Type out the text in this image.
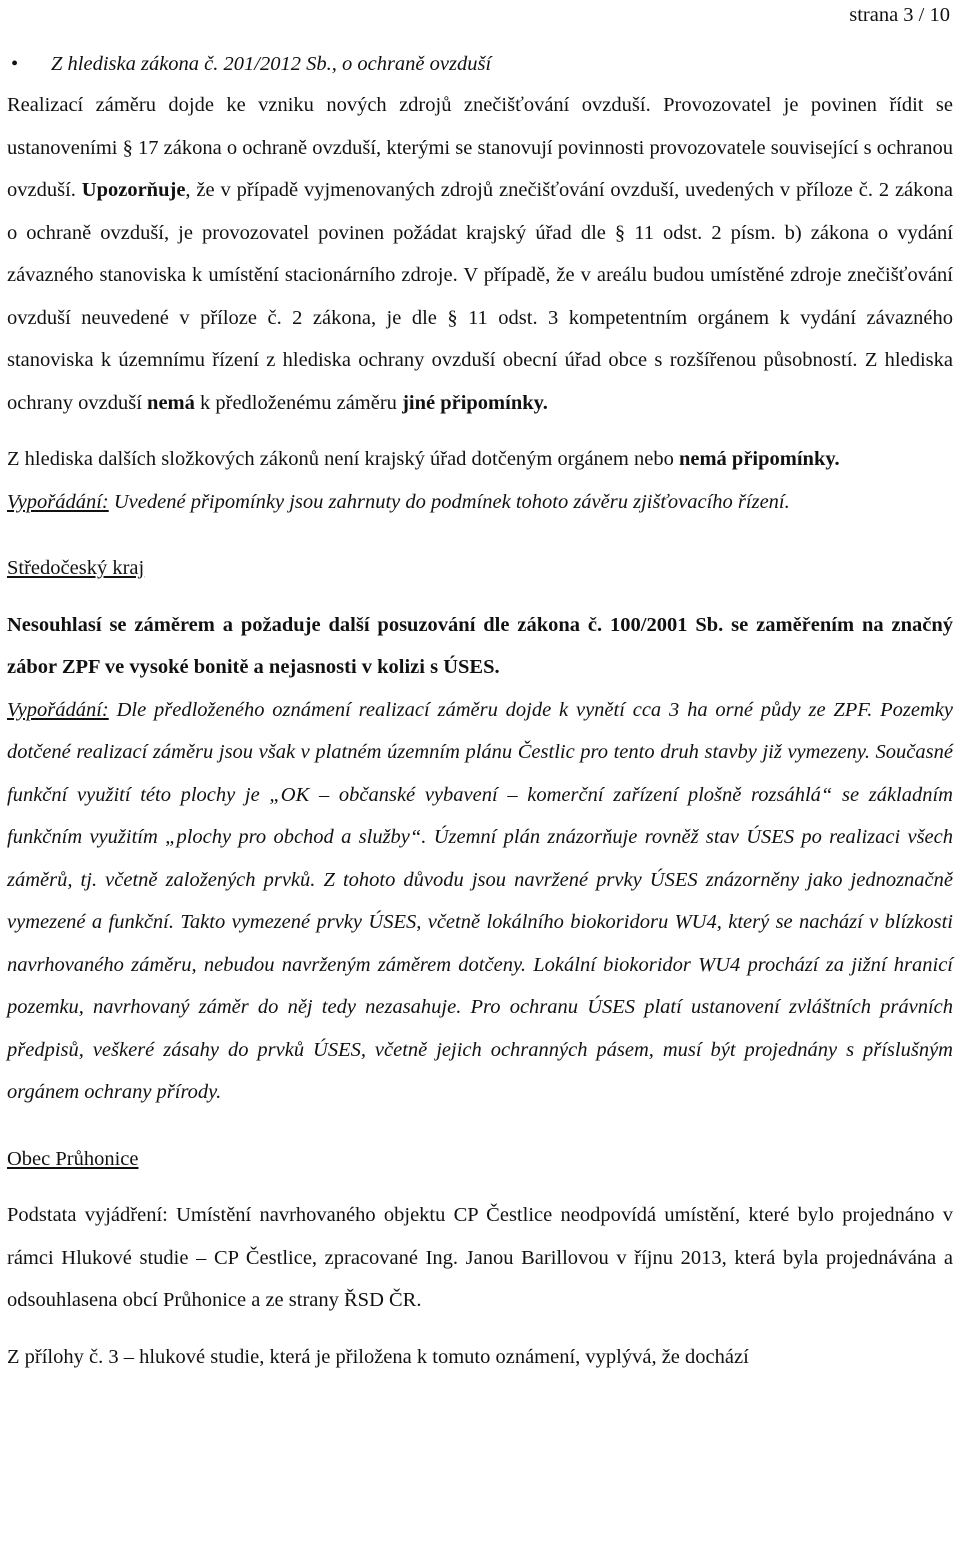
strana 3 / 10
•	Z hlediska zákona č. 201/2012 Sb., o ochraně ovzduší

Realizací záměru dojde ke vzniku nových zdrojů znečišťování ovzduší. Provozovatel je povinen řídit se ustanoveními § 17 zákona o ochraně ovzduší, kterými se stanovují povinnosti provozovatele související s ochranou ovzduší. Upozorňuje, že v případě vyjmenovaných zdrojů znečišťování ovzduší, uvedených v příloze č. 2 zákona o ochraně ovzduší, je provozovatel povinen požádat krajský úřad dle § 11 odst. 2 písm. b) zákona o vydání závazného stanoviska k umístění stacionárního zdroje. V případě, že v areálu budou umístěné zdroje znečišťování ovzduší neuvedené v příloze č. 2 zákona, je dle § 11 odst. 3 kompetentním orgánem k vydání závazného stanoviska k územnímu řízení z hlediska ochrany ovzduší obecní úřad obce s rozšířenou působností. Z hlediska ochrany ovzduší nemá k předloženému záměru jiné připomínky.

Z hlediska dalších složkových zákonů není krajský úřad dotčeným orgánem nebo nemá připomínky.

Vypořádání: Uvedené připomínky jsou zahrnuty do podmínek tohoto závěru zjišťovacího řízení.

Středočeský kraj

Nesouhlasí se záměrem a požaduje další posuzování dle zákona č. 100/2001 Sb. se zaměřením na značný zábor ZPF ve vysoké bonitě a nejasnosti v kolizi s ÚSES.

Vypořádání: Dle předloženého oznámení realizací záměru dojde k vynětí cca 3 ha orné půdy ze ZPF. Pozemky dotčené realizací záměru jsou však v platném územním plánu Čestlic pro tento druh stavby již vymezeny. Současné funkční využití této plochy je „OK – občanské vybavení – komerční zařízení plošně rozsáhlá“ se základním funkčním využitím „plochy pro obchod a služby“. Územní plán znázorňuje rovněž stav ÚSES po realizaci všech záměrů, tj. včetně založených prvků. Z tohoto důvodu jsou navržené prvky ÚSES znázorněny jako jednoznačně vymezené a funkční. Takto vymezené prvky ÚSES, včetně lokálního biokoridoru WU4, který se nachází v blízkosti navrhovaného záměru, nebudou navrženým záměrem dotčeny. Lokální biokoridor WU4 prochází za jižní hranicí pozemku, navrhovaný záměr do něj tedy nezasahuje. Pro ochranu ÚSES platí ustanovení zvláštních právních předpisů, veškeré zásahy do prvků ÚSES, včetně jejich ochranných pásem, musí být projednány s příslušným orgánem ochrany přírody.

Obec Průhonice

Podstata vyjádření: Umístění navrhovaného objektu CP Čestlice neodpovídá umístění, které bylo projednáno v rámci Hlukové studie – CP Čestlice, zpracované Ing. Janou Barillovou v říjnu 2013, která byla projednávána a odsouhlasena obcí Průhonice a ze strany ŘSD ČR.

Z přílohy č. 3 – hlukové studie, která je přiložena k tomuto oznámení, vyplývá, že dochází
